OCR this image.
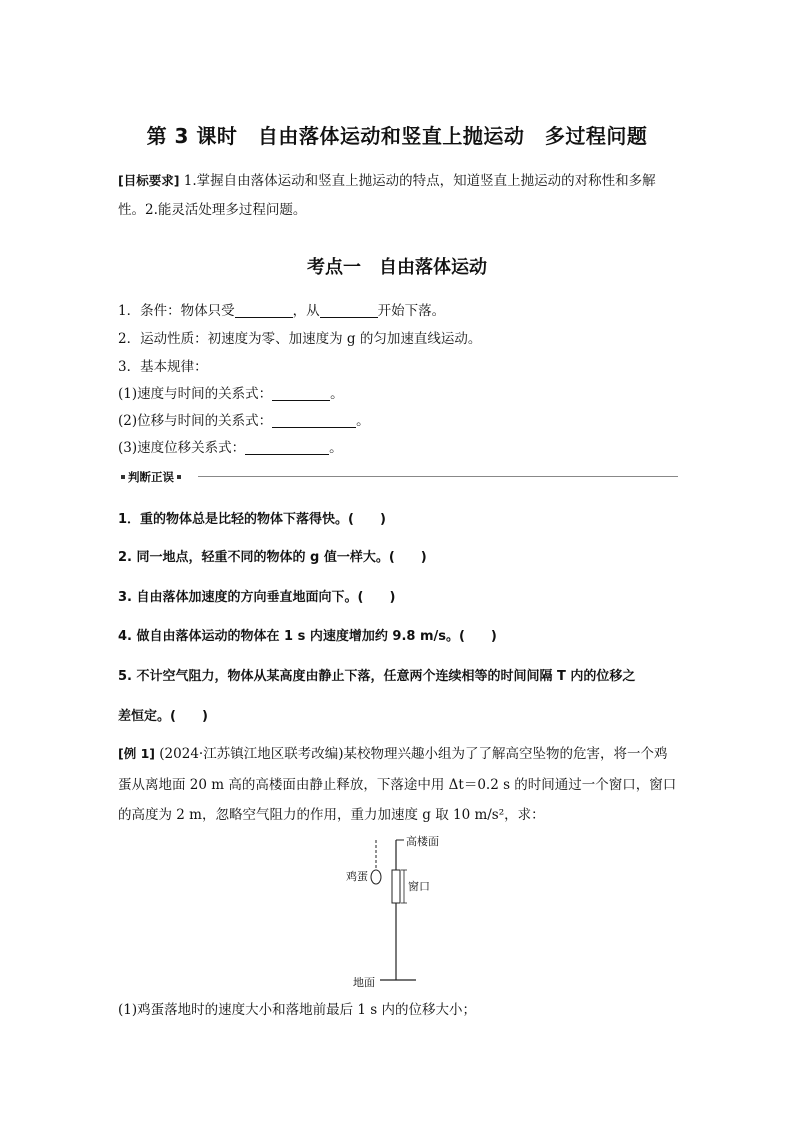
第 3 课时　自由落体运动和竖直上抛运动　多过程问题
[目标要求] 1.掌握自由落体运动和竖直上抛运动的特点，知道竖直上抛运动的对称性和多解
性。2.能灵活处理多过程问题。
考点一　自由落体运动
1．条件：物体只受	，从	开始下落。
2．运动性质：初速度为零、加速度为 g 的匀加速直线运动。
3．基本规律：
(1)速度与时间的关系式：	。
(2)位移与时间的关系式：	。
(3)速度位移关系式：	。
判断正误
1．重的物体总是比轻的物体下落得快。(　　)
2. 同一地点，轻重不同的物体的 g 值一样大。(　　)
3. 自由落体加速度的方向垂直地面向下。(　　)
4. 做自由落体运动的物体在 1 s 内速度增加约 9.8 m/s。(　　)
5. 不计空气阻力，物体从某高度由静止下落，任意两个连续相等的时间间隔 T 内的位移之
差恒定。(　　)
[例 1] (2024·江苏镇江地区联考改编)某校物理兴趣小组为了了解高空坠物的危害，将一个鸡
蛋从离地面 20 m 高的高楼面由静止释放，下落途中用 Δt＝0.2 s 的时间通过一个窗口，窗口
的高度为 2 m，忽略空气阻力的作用，重力加速度 g 取 10 m/s²，求：
高楼面
鸡蛋
窗口
地面
(1)鸡蛋落地时的速度大小和落地前最后 1 s 内的位移大小；
